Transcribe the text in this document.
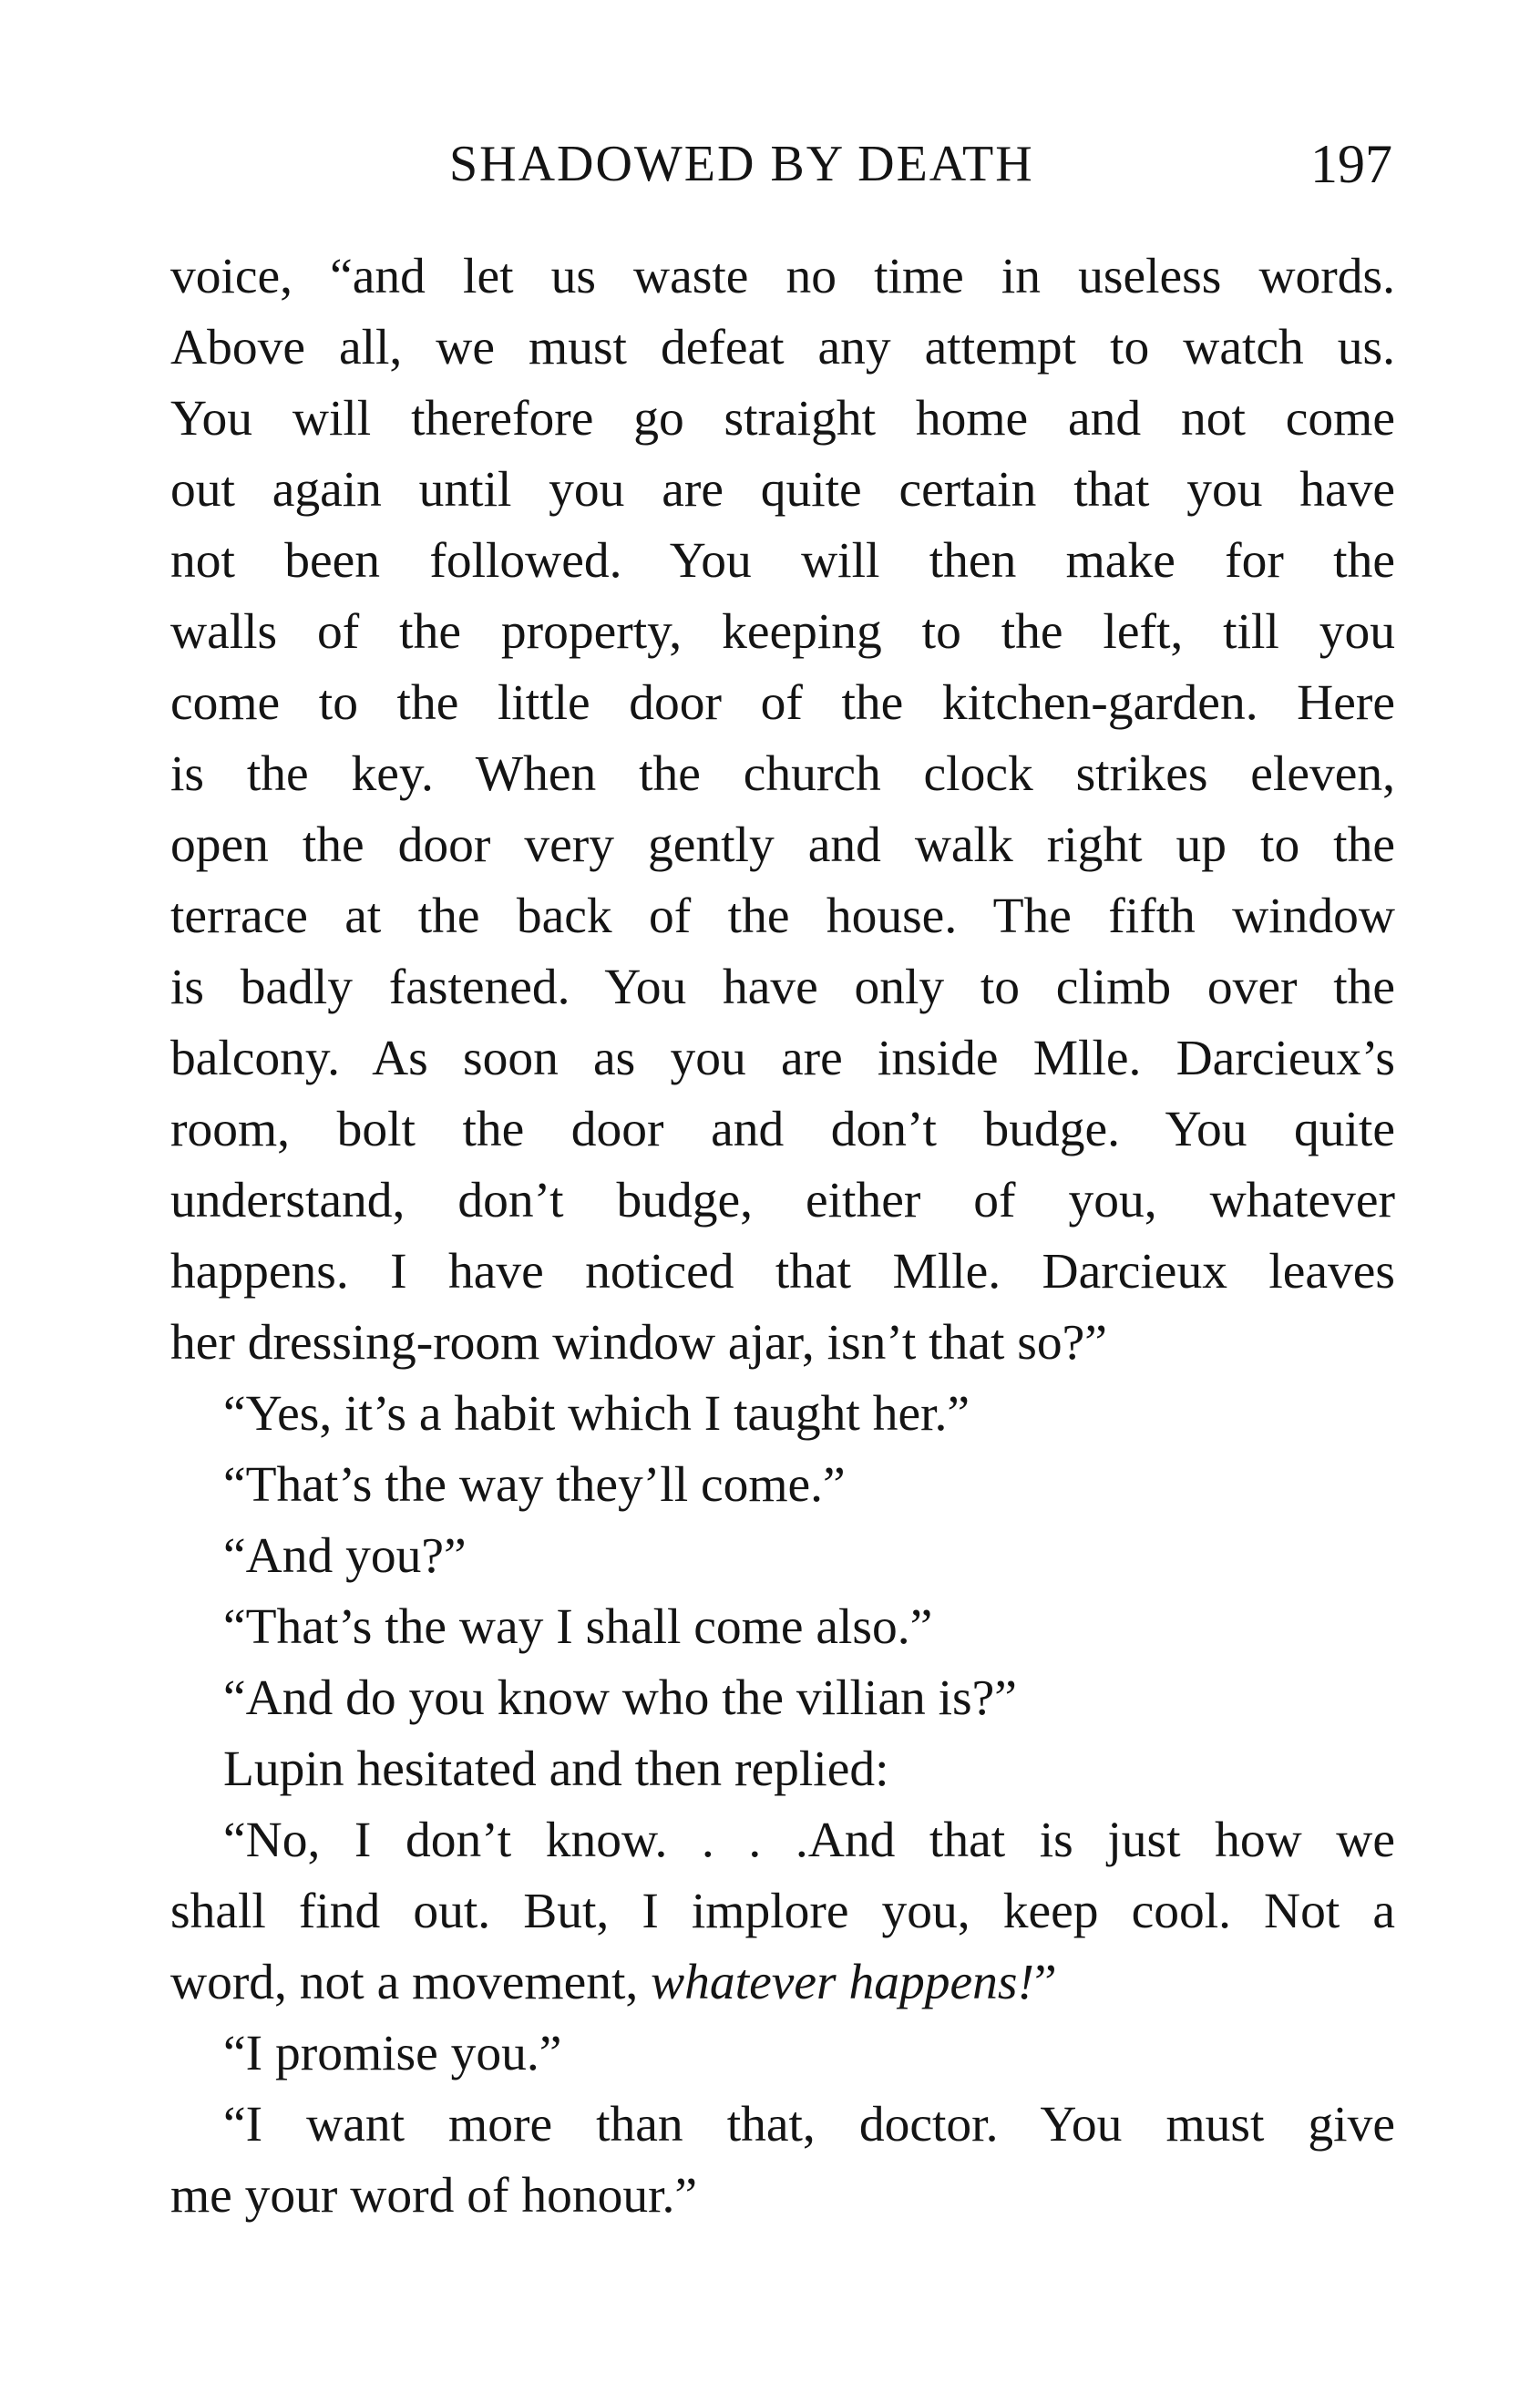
SHADOWED BY DEATH	197
voice, “and let us waste no time in useless words.
Above all, we must defeat any attempt to watch us.
You will therefore go straight home and not come
out again until you are quite certain that you have
not been followed. You will then make for the
walls of the property, keeping to the left, till you
come to the little door of the kitchen-garden. Here
is the key. When the church clock strikes eleven,
open the door very gently and walk right up to the
terrace at the back of the house. The fifth window
is badly fastened. You have only to climb over the
balcony. As soon as you are inside Mlle. Darcieux’s
room, bolt the door and don’t budge. You quite
understand, don’t budge, either of you, whatever
happens. I have noticed that Mlle. Darcieux leaves
her dressing-room window ajar, isn’t that so?”
“Yes, it’s a habit which I taught her.”
“That’s the way they’ll come.”
“And you?”
“That’s the way I shall come also.”
“And do you know who the villian is?”
Lupin hesitated and then replied:
“No, I don’t know. . . .And that is just how we
shall find out. But, I implore you, keep cool. Not a
word, not a movement, whatever happens!”
“I promise you.”
“I want more than that, doctor. You must give
me your word of honour.”
